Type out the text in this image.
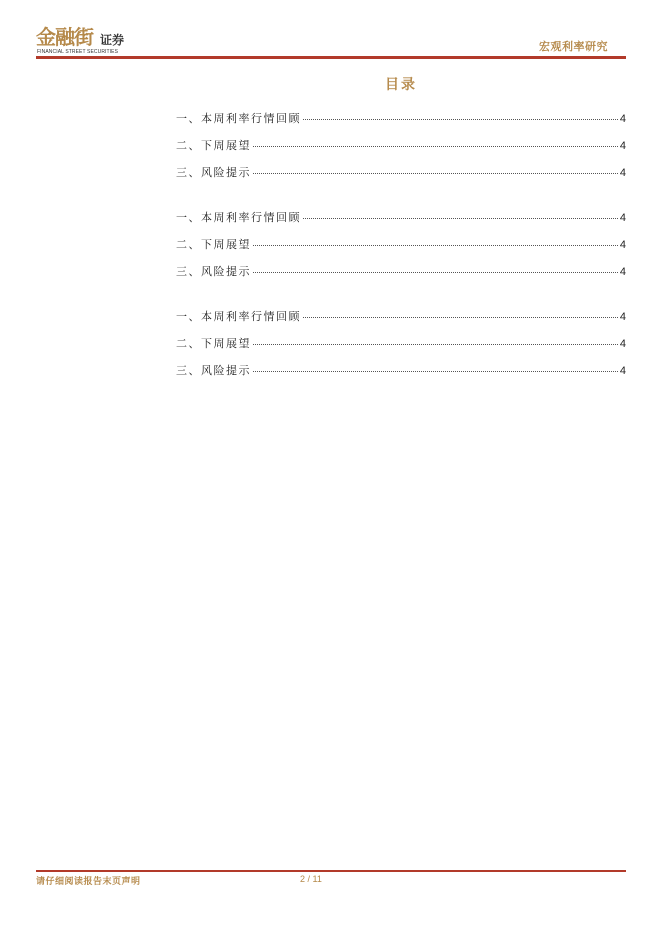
金融街 证券
FINANCIAL STREET SECURITIES	宏观利率研究
目录
一、本周利率行情回顾	4
二、下周展望	4
三、风险提示	4
一、本周利率行情回顾	4
二、下周展望	4
三、风险提示	4
一、本周利率行情回顾	4
二、下周展望	4
三、风险提示	4
请仔细阅读报告末页声明	2 / 11
